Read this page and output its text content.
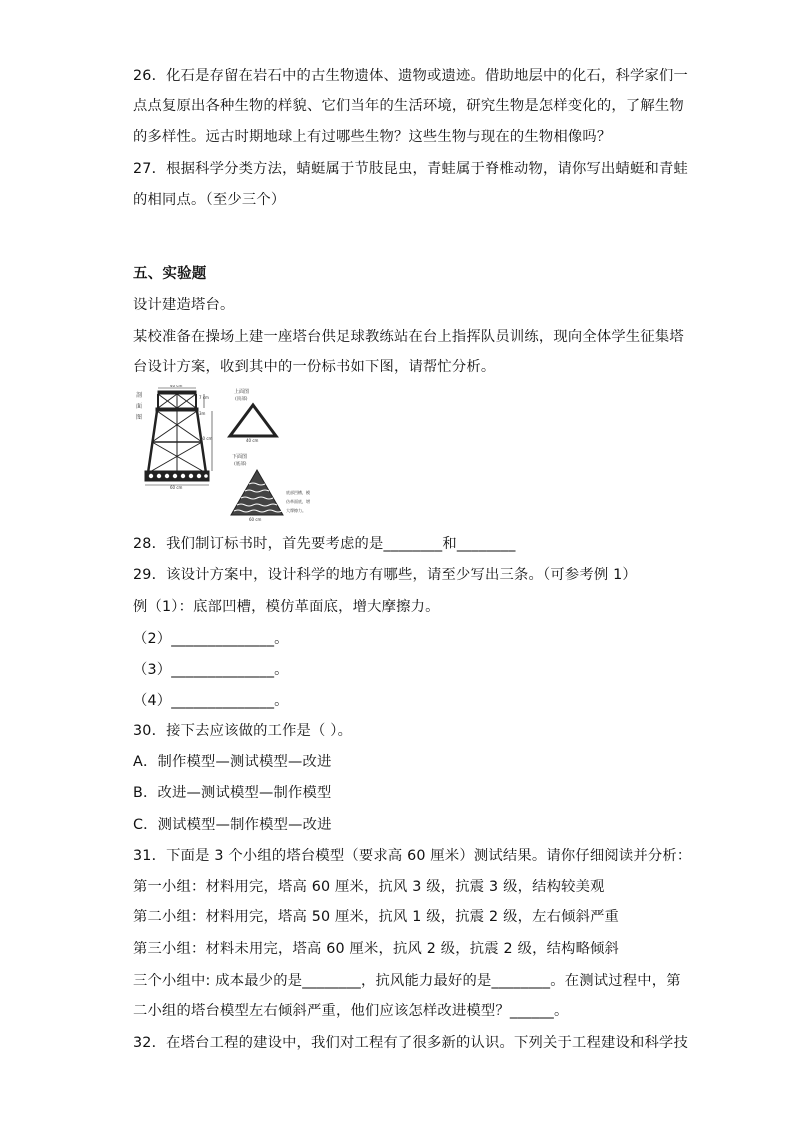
26．化石是存留在岩石中的古生物遗体、遗物或遗迹。借助地层中的化石，科学家们一
点点复原出各种生物的样貌、它们当年的生活环境，研究生物是怎样变化的，了解生物
的多样性。远古时期地球上有过哪些生物？这些生物与现在的生物相像吗？
27．根据科学分类方法，蜻蜓属于节肢昆虫，青蛙属于脊椎动物，请你写出蜻蜓和青蛙
的相同点。（至少三个）
五、实验题
设计建造塔台。
某校准备在操场上建一座塔台供足球教练站在台上指挥队员训练，现向全体学生征集塔
台设计方案，收到其中的一份标书如下图，请帮忙分析。
剖
面
图
40 cm
7 cm
3m
50 cm
60 cm
上面图
(顶部)
40 cm
下面图
(底部)
60 cm
底部凹槽，模
仿革面底，增
大摩擦力。
28．我们制订标书时，首先要考虑的是________和________
29．该设计方案中，设计科学的地方有哪些，请至少写出三条。（可参考例 1）
例（1）：底部凹槽，模仿革面底，增大摩擦力。
（2）______________。
（3）______________。
（4）______________。
30．接下去应该做的工作是（ ）。
A．制作模型—测试模型—改进
B．改进—测试模型—制作模型
C．测试模型—制作模型—改进
31．下面是 3 个小组的塔台模型（要求高 60 厘米）测试结果。请你仔细阅读并分析：
第一小组：材料用完，塔高 60 厘米，抗风 3 级，抗震 3 级，结构较美观
第二小组：材料用完，塔高 50 厘米，抗风 1 级，抗震 2 级，左右倾斜严重
第三小组：材料未用完，塔高 60 厘米，抗风 2 级，抗震 2 级，结构略倾斜
三个小组中: 成本最少的是________，抗风能力最好的是________。在测试过程中，第
二小组的塔台模型左右倾斜严重，他们应该怎样改进模型？______。
32．在塔台工程的建设中，我们对工程有了很多新的认识。下列关于工程建设和科学技
